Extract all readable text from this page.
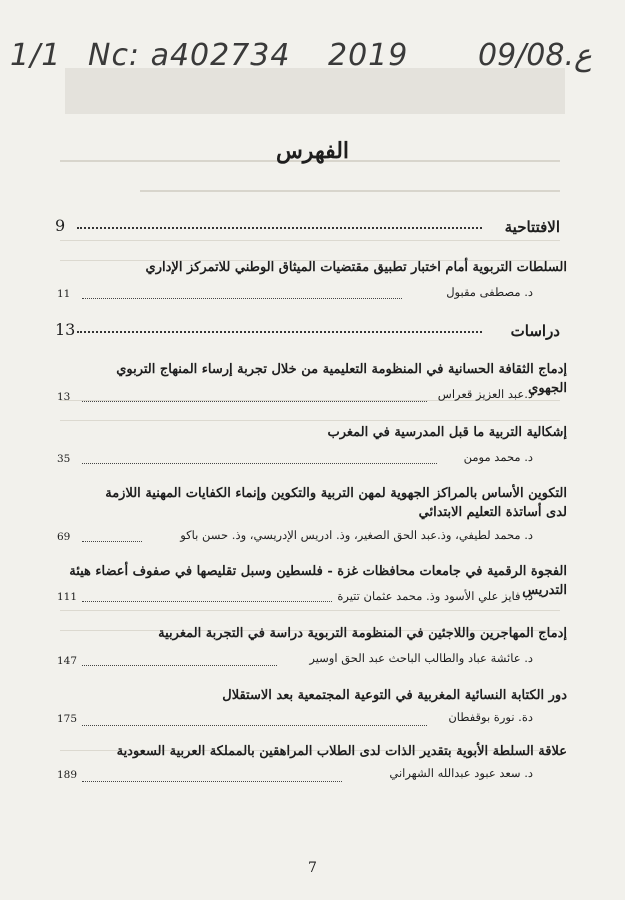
1/1 Nc: a402734 2019 09/08.ع
الفهرس
الافتتاحية
9
السلطات التربوية أمام اختبار تطبيق مقتضيات الميثاق الوطني للاتمركز الإداري
د. مصطفى مقبول
11
دراسات
13
إدماج الثقافة الحسانية في المنظومة التعليمية من خلال تجربة إرساء المنهاج التربوي الجهوي
د.عبد العزيز قعراس
13
إشكالية التربية ما قبل المدرسية في المغرب
د. محمد مومن
35
التكوين الأساس بالمراكز الجهوية لمهن التربية والتكوين وإنماء الكفايات المهنية اللازمة لدى أساتذة التعليم الابتدائي
د. محمد لطيفي، وذ.عبد الحق الصغير، وذ. ادريس الإدريسي، وذ. حسن باكو
69
الفجوة الرقمية في جامعات محافظات غزة - فلسطين وسبل تقليصها في صفوف أعضاء هيئة التدريس
د. فايز علي الأسود وذ. محمد عثمان تتيرة
111
إدماج المهاجرين واللاجئين في المنظومة التربوية دراسة في التجربة المغربية
د. عائشة عباد والطالب الباحث عبد الحق اوسير
147
دور الكتابة النسائية المغربية في التوعية المجتمعية بعد الاستقلال
دة. نورة بوقفطان
175
علاقة السلطة الأبوية بتقدير الذات لدى الطلاب المراهقين بالمملكة العربية السعودية
د. سعد عبود عبدالله الشهراني
189
7
